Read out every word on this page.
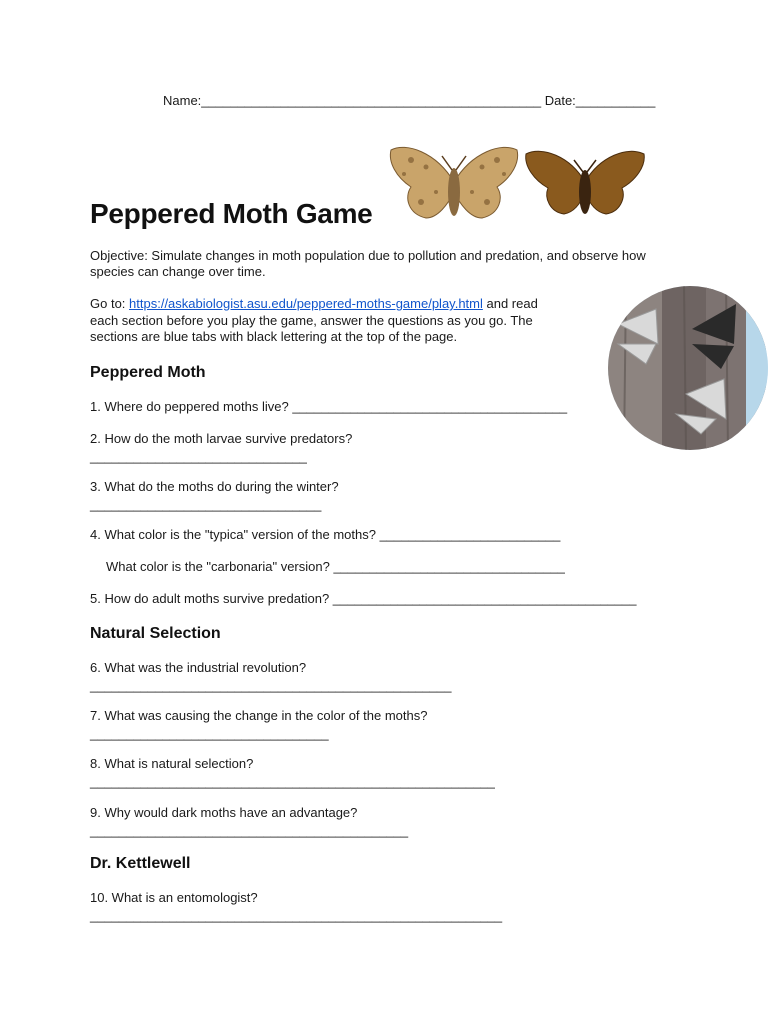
Name:_______________________________________________ Date:___________
Peppered Moth Game
Objective: Simulate changes in moth population due to pollution and predation, and observe how species can change over time.
Go to: https://askabiologist.asu.edu/peppered-moths-game/play.html and read
each section before you play the game, answer the questions as you go. The
sections are blue tabs with black lettering at the top of the page.
Peppered Moth
1. Where do peppered moths live? ______________________________________
2. How do the moth larvae survive predators?
______________________________
3. What do the moths do during the winter?
________________________________
4. What color is the "typica" version of the moths? _________________________
What color is the "carbonaria" version? ________________________________
5. How do adult moths survive predation? __________________________________________
Natural Selection
6. What was the industrial revolution?
__________________________________________________
7. What was causing the change in the color of the moths?
_________________________________
8. What is natural selection?
________________________________________________________
9. Why would dark moths have an advantage?
____________________________________________
Dr. Kettlewell
10. What is an entomologist?
_________________________________________________________
